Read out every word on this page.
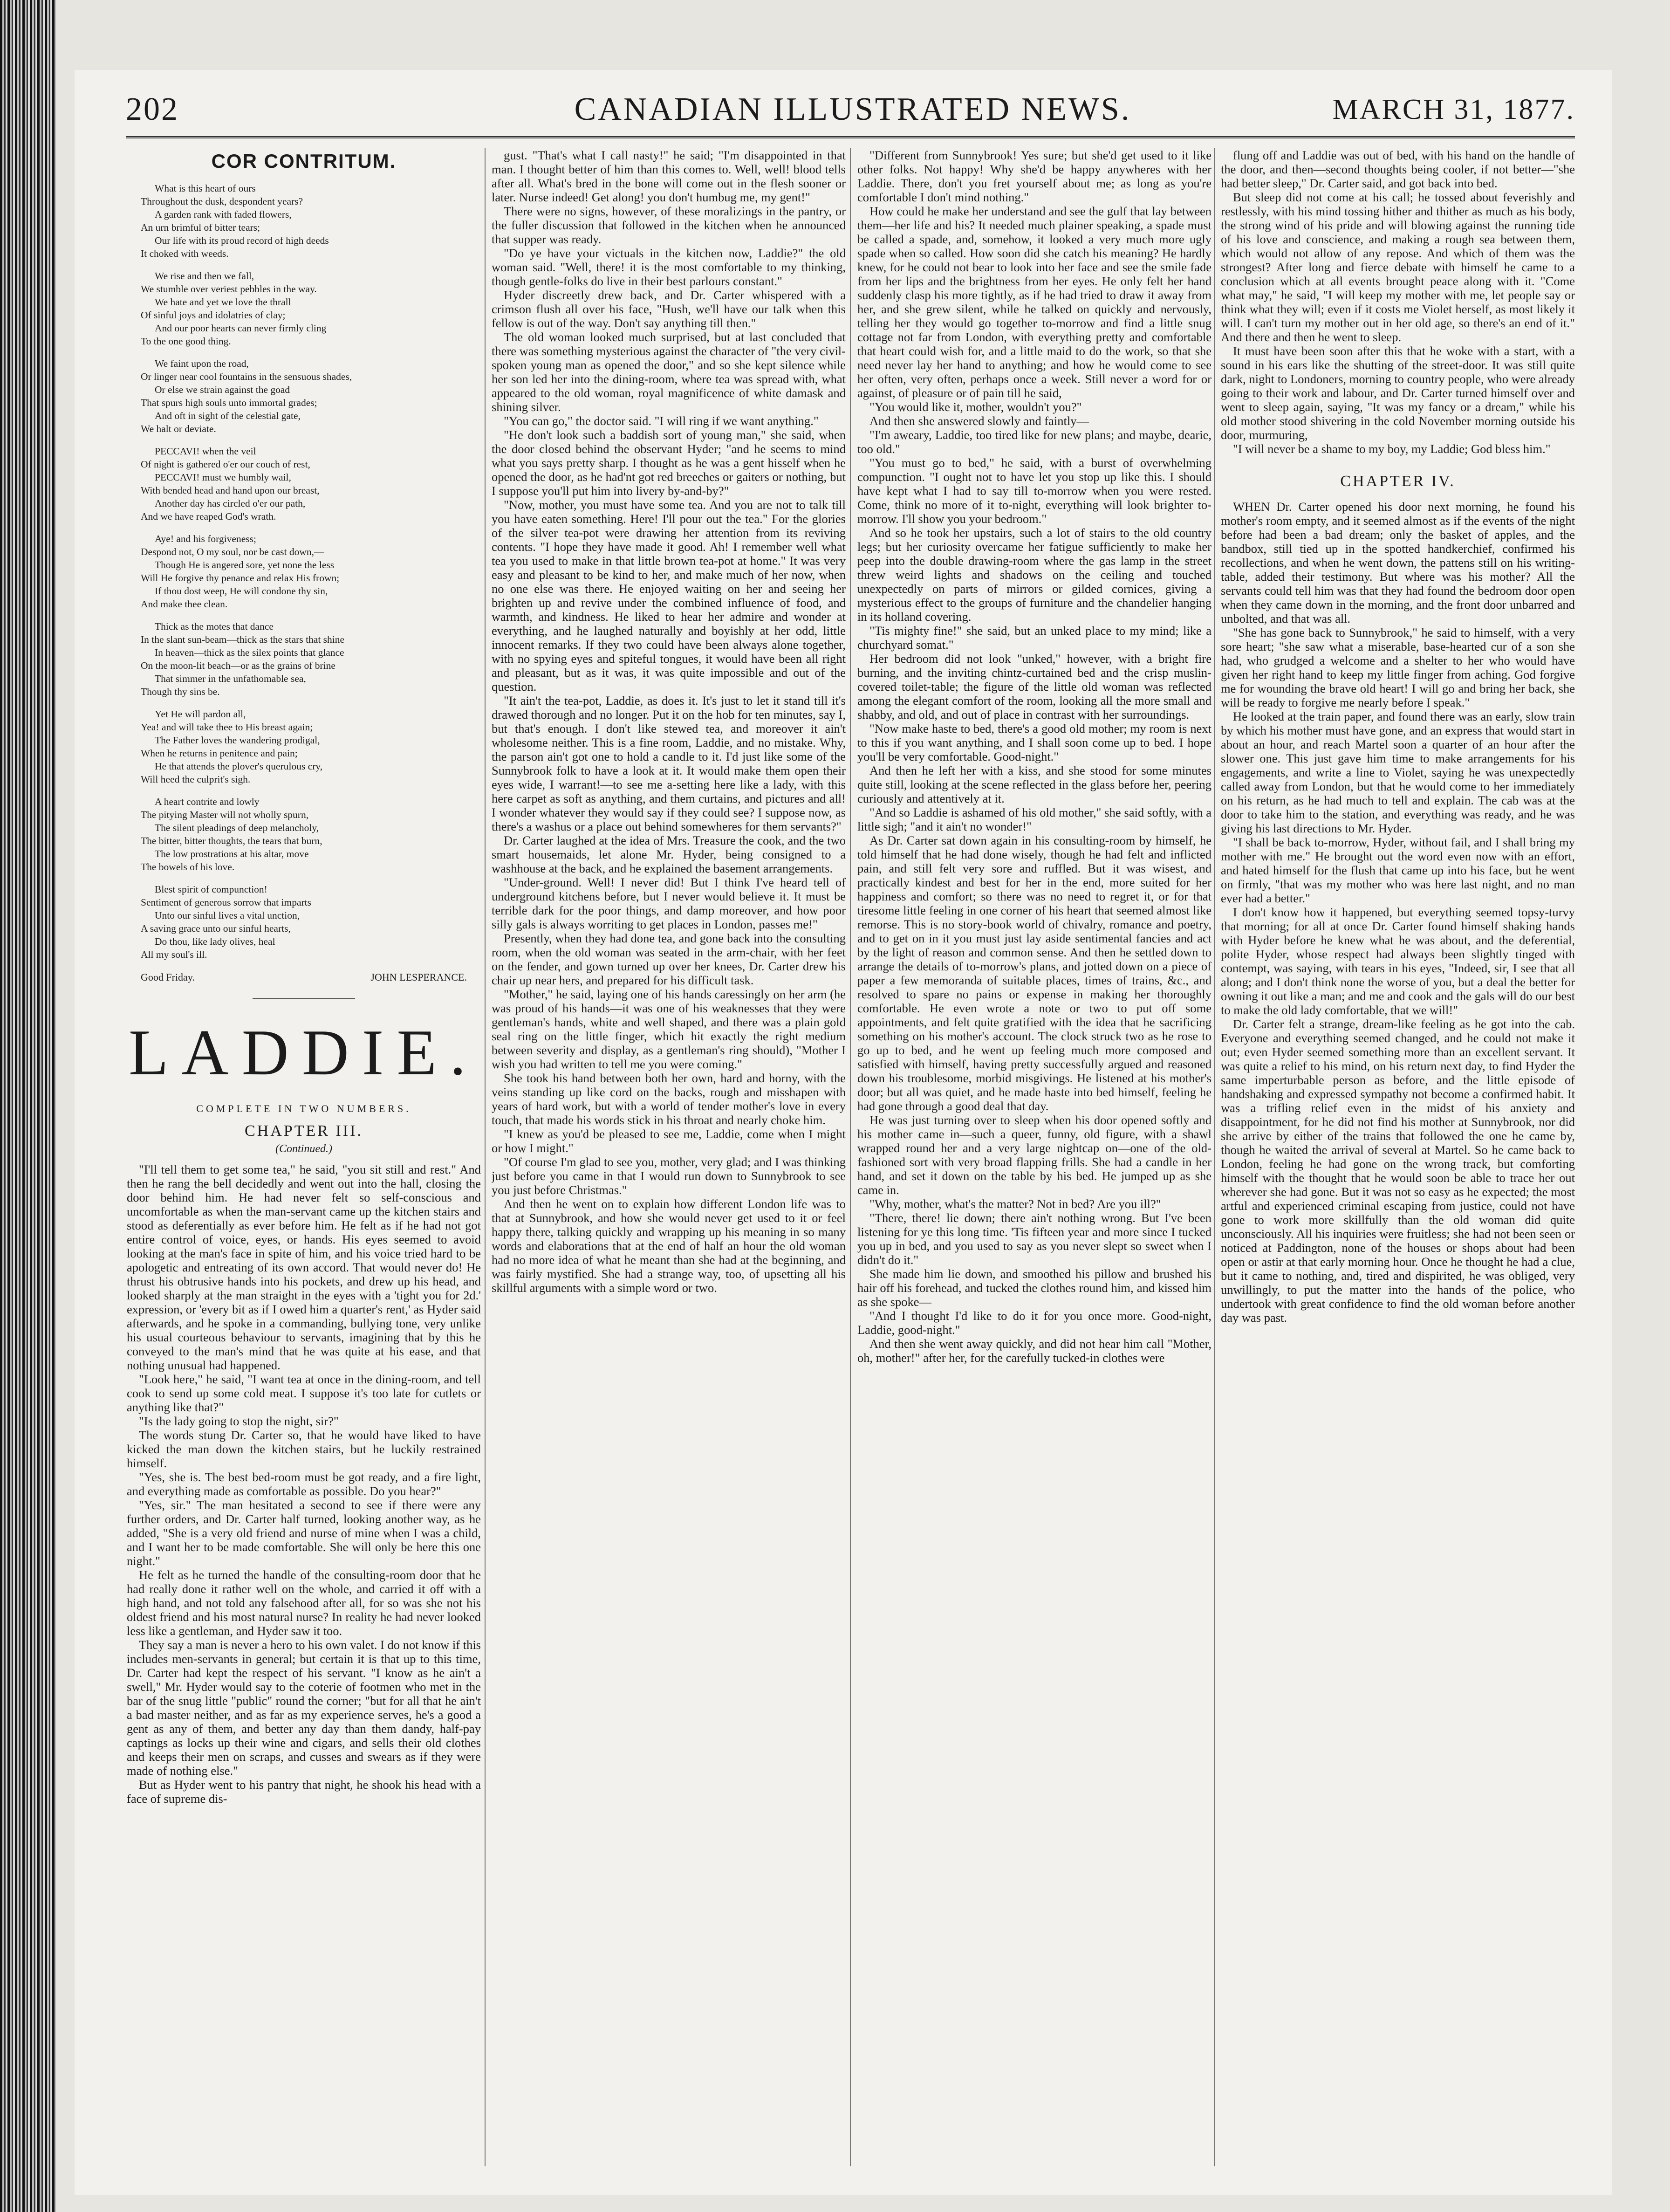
202	CANADIAN ILLUSTRATED NEWS.	MARCH 31, 1877.
COR CONTRITUM.
What is this heart of ours
Throughout the dusk, despondent years?
A garden rank with faded flowers,
An urn brimful of bitter tears;
Our life with its proud record of high deeds
It choked with weeds.
We rise and then we fall,
We stumble over veriest pebbles in the way.
We hate and yet we love the thrall
Of sinful joys and idolatries of clay;
And our poor hearts can never firmly cling
To the one good thing.
We faint upon the road,
Or linger near cool fountains in the sensuous shades,
Or else we strain against the goad
That spurs high souls unto immortal grades;
And oft in sight of the celestial gate,
We halt or deviate.
PECCAVI! when the veil
Of night is gathered o'er our couch of rest,
PECCAVI! must we humbly wail,
With bended head and hand upon our breast,
Another day has circled o'er our path,
And we have reaped God's wrath.
Aye! and his forgiveness;
Despond not, O my soul, nor be cast down,—
Though He is angered sore, yet none the less
Will He forgive thy penance and relax His frown;
If thou dost weep, He will condone thy sin,
And make thee clean.
Thick as the motes that dance
In the slant sun-beam—thick as the stars that shine
In heaven—thick as the silex points that glance
On the moon-lit beach—or as the grains of brine
That simmer in the unfathomable sea,
Though thy sins be.
Yet He will pardon all,
Yea! and will take thee to His breast again;
The Father loves the wandering prodigal,
When he returns in penitence and pain;
He that attends the plover's querulous cry,
Will heed the culprit's sigh.
A heart contrite and lowly
The pitying Master will not wholly spurn,
The silent pleadings of deep melancholy,
The bitter, bitter thoughts, the tears that burn,
The low prostrations at his altar, move
The bowels of his love.
Blest spirit of compunction!
Sentiment of generous sorrow that imparts
Unto our sinful lives a vital unction,
A saving grace unto our sinful hearts,
Do thou, like lady olives, heal
All my soul's ill.
Good Friday.	JOHN LESPERANCE.
LADDIE.
COMPLETE IN TWO NUMBERS.
CHAPTER III.
(Continued.)

"I'll tell them to get some tea," he said, "you sit still and rest." And then he rang the bell decidedly and went out into the hall, closing the door behind him. He had never felt so self-conscious and uncomfortable as when the man-servant came up the kitchen stairs and stood as deferentially as ever before him. He felt as if he had not got entire control of voice, eyes, or hands. His eyes seemed to avoid looking at the man's face in spite of him, and his voice tried hard to be apologetic and entreating of its own accord. That would never do! He thrust his obtrusive hands into his pockets, and drew up his head, and looked sharply at the man straight in the eyes with a 'tight you for 2d.' expression, or 'every bit as if I owed him a quarter's rent,' as Hyder said afterwards, and he spoke in a commanding, bullying tone, very unlike his usual courteous behaviour to servants, imagining that by this he conveyed to the man's mind that he was quite at his ease, and that nothing unusual had happened.

"Look here," he said, "I want tea at once in the dining-room, and tell cook to send up some cold meat. I suppose it's too late for cutlets or anything like that?"

"Is the lady going to stop the night, sir?"

The words stung Dr. Carter so, that he would have liked to have kicked the man down the kitchen stairs, but he luckily restrained himself.

"Yes, she is. The best bed-room must be got ready, and a fire light, and everything made as comfortable as possible. Do you hear?"

"Yes, sir." The man hesitated a second to see if there were any further orders, and Dr. Carter half turned, looking another way, as he added, "She is a very old friend and nurse of mine when I was a child, and I want her to be made comfortable. She will only be here this one night."

He felt as he turned the handle of the consulting-room door that he had really done it rather well on the whole, and carried it off with a high hand, and not told any falsehood after all, for so was she not his oldest friend and his most natural nurse? In reality he had never looked less like a gentleman, and Hyder saw it too.

They say a man is never a hero to his own valet. I do not know if this includes men-servants in general; but certain it is that up to this time, Dr. Carter had kept the respect of his servant. "I know as he ain't a swell," Mr. Hyder would say to the coterie of footmen who met in the bar of the snug little "public" round the corner; "but for all that he ain't a bad master neither, and as far as my experience serves, he's a good a gent as any of them, and better any day than them dandy, half-pay captings as locks up their wine and cigars, and sells their old clothes and keeps their men on scraps, and cusses and swears as if they were made of nothing else."

But as Hyder went to his pantry that night, he shook his head with a face of supreme dis-

gust. "That's what I call nasty!" he said; "I'm disappointed in that man. I thought better of him than this comes to. Well, well! blood tells after all. What's bred in the bone will come out in the flesh sooner or later. Nurse indeed! Get along! you don't humbug me, my gent!"

There were no signs, however, of these moralizings in the pantry, or the fuller discussion that followed in the kitchen when he announced that supper was ready.

"Do ye have your victuals in the kitchen now, Laddie?" the old woman said. "Well, there! it is the most comfortable to my thinking, though gentle-folks do live in their best parlours constant."

Hyder discreetly drew back, and Dr. Carter whispered with a crimson flush all over his face, "Hush, we'll have our talk when this fellow is out of the way. Don't say anything till then."

The old woman looked much surprised, but at last concluded that there was something mysterious against the character of "the very civil-spoken young man as opened the door," and so she kept silence while her son led her into the dining-room, where tea was spread with, what appeared to the old woman, royal magnificence of white damask and shining silver.

"You can go," the doctor said. "I will ring if we want anything."

"He don't look such a baddish sort of young man," she said, when the door closed behind the observant Hyder; "and he seems to mind what you says pretty sharp. I thought as he was a gent hisself when he opened the door, as he had'nt got red breeches or gaiters or nothing, but I suppose you'll put him into livery by-and-by?"

"Now, mother, you must have some tea. And you are not to talk till you have eaten something. Here! I'll pour out the tea." For the glories of the silver tea-pot were drawing her attention from its reviving contents. "I hope they have made it good. Ah! I remember well what tea you used to make in that little brown tea-pot at home." It was very easy and pleasant to be kind to her, and make much of her now, when no one else was there. He enjoyed waiting on her and seeing her brighten up and revive under the combined influence of food, and warmth, and kindness. He liked to hear her admire and wonder at everything, and he laughed naturally and boyishly at her odd, little innocent remarks. If they two could have been always alone together, with no spying eyes and spiteful tongues, it would have been all right and pleasant, but as it was, it was quite impossible and out of the question.

"It ain't the tea-pot, Laddie, as does it. It's just to let it stand till it's drawed thorough and no longer. Put it on the hob for ten minutes, say I, but that's enough. I don't like stewed tea, and moreover it ain't wholesome neither. This is a fine room, Laddie, and no mistake. Why, the parson ain't got one to hold a candle to it. I'd just like some of the Sunnybrook folk to have a look at it. It would make them open their eyes wide, I warrant!—to see me a-setting here like a lady, with this here carpet as soft as anything, and them curtains, and pictures and all! I wonder whatever they would say if they could see? I suppose now, as there's a washus or a place out behind somewheres for them servants?"

Dr. Carter laughed at the idea of Mrs. Treasure the cook, and the two smart housemaids, let alone Mr. Hyder, being consigned to a washhouse at the back, and he explained the basement arrangements.

"Under-ground. Well! I never did! But I think I've heard tell of underground kitchens before, but I never would believe it. It must be terrible dark for the poor things, and damp moreover, and how poor silly gals is always worriting to get places in London, passes me!"

Presently, when they had done tea, and gone back into the consulting room, when the old woman was seated in the arm-chair, with her feet on the fender, and gown turned up over her knees, Dr. Carter drew his chair up near hers, and prepared for his difficult task.

"Mother," he said, laying one of his hands caressingly on her arm (he was proud of his hands—it was one of his weaknesses that they were gentleman's hands, white and well shaped, and there was a plain gold seal ring on the little finger, which hit exactly the right medium between severity and display, as a gentleman's ring should), "Mother I wish you had written to tell me you were coming."

She took his hand between both her own, hard and horny, with the veins standing up like cord on the backs, rough and misshapen with years of hard work, but with a world of tender mother's love in every touch, that made his words stick in his throat and nearly choke him.

"I knew as you'd be pleased to see me, Laddie, come when I might or how I might."

"Of course I'm glad to see you, mother, very glad; and I was thinking just before you came in that I would run down to Sunnybrook to see you just before Christmas."

And then he went on to explain how different London life was to that at Sunnybrook, and how she would never get used to it or feel happy there, talking quickly and wrapping up his meaning in so many words and elaborations that at the end of half an hour the old woman had no more idea of what he meant than she had at the beginning, and was fairly mystified. She had a strange way, too, of upsetting all his skillful arguments with a simple word or two.

"Different from Sunnybrook! Yes sure; but she'd get used to it like other folks. Not happy! Why she'd be happy anywheres with her Laddie. There, don't you fret yourself about me; as long as you're comfortable I don't mind nothing."

How could he make her understand and see the gulf that lay between them—her life and his? It needed much plainer speaking, a spade must be called a spade, and, somehow, it looked a very much more ugly spade when so called. How soon did she catch his meaning? He hardly knew, for he could not bear to look into her face and see the smile fade from her lips and the brightness from her eyes. He only felt her hand suddenly clasp his more tightly, as if he had tried to draw it away from her, and she grew silent, while he talked on quickly and nervously, telling her they would go together to-morrow and find a little snug cottage not far from London, with everything pretty and comfortable that heart could wish for, and a little maid to do the work, so that she need never lay her hand to anything; and how he would come to see her often, very often, perhaps once a week. Still never a word for or against, of pleasure or of pain till he said,

"You would like it, mother, wouldn't you?"

And then she answered slowly and faintly—

"I'm aweary, Laddie, too tired like for new plans; and maybe, dearie, too old."

"You must go to bed," he said, with a burst of overwhelming compunction. "I ought not to have let you stop up like this. I should have kept what I had to say till to-morrow when you were rested. Come, think no more of it to-night, everything will look brighter to-morrow. I'll show you your bedroom."

And so he took her upstairs, such a lot of stairs to the old country legs; but her curiosity overcame her fatigue sufficiently to make her peep into the double drawing-room where the gas lamp in the street threw weird lights and shadows on the ceiling and touched unexpectedly on parts of mirrors or gilded cornices, giving a mysterious effect to the groups of furniture and the chandelier hanging in its holland covering.

"Tis mighty fine!" she said, but an unked place to my mind; like a churchyard somat."

Her bedroom did not look "unked," however, with a bright fire burning, and the inviting chintz-curtained bed and the crisp muslin-covered toilet-table; the figure of the little old woman was reflected among the elegant comfort of the room, looking all the more small and shabby, and old, and out of place in contrast with her surroundings.

"Now make haste to bed, there's a good old mother; my room is next to this if you want anything, and I shall soon come up to bed. I hope you'll be very comfortable. Good-night."

And then he left her with a kiss, and she stood for some minutes quite still, looking at the scene reflected in the glass before her, peering curiously and attentively at it.

"And so Laddie is ashamed of his old mother," she said softly, with a little sigh; "and it ain't no wonder!"

As Dr. Carter sat down again in his consulting-room by himself, he told himself that he had done wisely, though he had felt and inflicted pain, and still felt very sore and ruffled. But it was wisest, and practically kindest and best for her in the end, more suited for her happiness and comfort; so there was no need to regret it, or for that tiresome little feeling in one corner of his heart that seemed almost like remorse. This is no story-book world of chivalry, romance and poetry, and to get on in it you must just lay aside sentimental fancies and act by the light of reason and common sense. And then he settled down to arrange the details of to-morrow's plans, and jotted down on a piece of paper a few memoranda of suitable places, times of trains, &c., and resolved to spare no pains or expense in making her thoroughly comfortable. He even wrote a note or two to put off some appointments, and felt quite gratified with the idea that he sacrificing something on his mother's account. The clock struck two as he rose to go up to bed, and he went up feeling much more composed and satisfied with himself, having pretty successfully argued and reasoned down his troublesome, morbid misgivings. He listened at his mother's door; but all was quiet, and he made haste into bed himself, feeling he had gone through a good deal that day.

He was just turning over to sleep when his door opened softly and his mother came in—such a queer, funny, old figure, with a shawl wrapped round her and a very large nightcap on—one of the old-fashioned sort with very broad flapping frills. She had a candle in her hand, and set it down on the table by his bed. He jumped up as she came in.

"Why, mother, what's the matter? Not in bed? Are you ill?"

"There, there! lie down; there ain't nothing wrong. But I've been listening for ye this long time. 'Tis fifteen year and more since I tucked you up in bed, and you used to say as you never slept so sweet when I didn't do it."

She made him lie down, and smoothed his pillow and brushed his hair off his forehead, and tucked the clothes round him, and kissed him as she spoke—

"And I thought I'd like to do it for you once more. Good-night, Laddie, good-night."

And then she went away quickly, and did not hear him call "Mother, oh, mother!" after her, for the carefully tucked-in clothes were

flung off and Laddie was out of bed, with his hand on the handle of the door, and then—second thoughts being cooler, if not better—"she had better sleep," Dr. Carter said, and got back into bed.

But sleep did not come at his call; he tossed about feverishly and restlessly, with his mind tossing hither and thither as much as his body, the strong wind of his pride and will blowing against the running tide of his love and conscience, and making a rough sea between them, which would not allow of any repose. And which of them was the strongest? After long and fierce debate with himself he came to a conclusion which at all events brought peace along with it. "Come what may," he said, "I will keep my mother with me, let people say or think what they will; even if it costs me Violet herself, as most likely it will. I can't turn my mother out in her old age, so there's an end of it." And there and then he went to sleep.

It must have been soon after this that he woke with a start, with a sound in his ears like the shutting of the street-door. It was still quite dark, night to Londoners, morning to country people, who were already going to their work and labour, and Dr. Carter turned himself over and went to sleep again, saying, "It was my fancy or a dream," while his old mother stood shivering in the cold November morning outside his door, murmuring,

"I will never be a shame to my boy, my Laddie; God bless him."

CHAPTER IV.

WHEN Dr. Carter opened his door next morning, he found his mother's room empty, and it seemed almost as if the events of the night before had been a bad dream; only the basket of apples, and the bandbox, still tied up in the spotted handkerchief, confirmed his recollections, and when he went down, the pattens still on his writing-table, added their testimony. But where was his mother? All the servants could tell him was that they had found the bedroom door open when they came down in the morning, and the front door unbarred and unbolted, and that was all.

"She has gone back to Sunnybrook," he said to himself, with a very sore heart; "she saw what a miserable, base-hearted cur of a son she had, who grudged a welcome and a shelter to her who would have given her right hand to keep my little finger from aching. God forgive me for wounding the brave old heart! I will go and bring her back, she will be ready to forgive me nearly before I speak."

He looked at the train paper, and found there was an early, slow train by which his mother must have gone, and an express that would start in about an hour, and reach Martel soon a quarter of an hour after the slower one. This just gave him time to make arrangements for his engagements, and write a line to Violet, saying he was unexpectedly called away from London, but that he would come to her immediately on his return, as he had much to tell and explain. The cab was at the door to take him to the station, and everything was ready, and he was giving his last directions to Mr. Hyder.

"I shall be back to-morrow, Hyder, without fail, and I shall bring my mother with me." He brought out the word even now with an effort, and hated himself for the flush that came up into his face, but he went on firmly, "that was my mother who was here last night, and no man ever had a better."

I don't know how it happened, but everything seemed topsy-turvy that morning; for all at once Dr. Carter found himself shaking hands with Hyder before he knew what he was about, and the deferential, polite Hyder, whose respect had always been slightly tinged with contempt, was saying, with tears in his eyes, "Indeed, sir, I see that all along; and I don't think none the worse of you, but a deal the better for owning it out like a man; and me and cook and the gals will do our best to make the old lady comfortable, that we will!"

Dr. Carter felt a strange, dream-like feeling as he got into the cab. Everyone and everything seemed changed, and he could not make it out; even Hyder seemed something more than an excellent servant. It was quite a relief to his mind, on his return next day, to find Hyder the same imperturbable person as before, and the little episode of handshaking and expressed sympathy not become a confirmed habit. It was a trifling relief even in the midst of his anxiety and disappointment, for he did not find his mother at Sunnybrook, nor did she arrive by either of the trains that followed the one he came by, though he waited the arrival of several at Martel. So he came back to London, feeling he had gone on the wrong track, but comforting himself with the thought that he would soon be able to trace her out wherever she had gone. But it was not so easy as he expected; the most artful and experienced criminal escaping from justice, could not have gone to work more skillfully than the old woman did quite unconsciously. All his inquiries were fruitless; she had not been seen or noticed at Paddington, none of the houses or shops about had been open or astir at that early morning hour. Once he thought he had a clue, but it came to nothing, and, tired and dispirited, he was obliged, very unwillingly, to put the matter into the hands of the police, who undertook with great confidence to find the old woman before another day was past.
